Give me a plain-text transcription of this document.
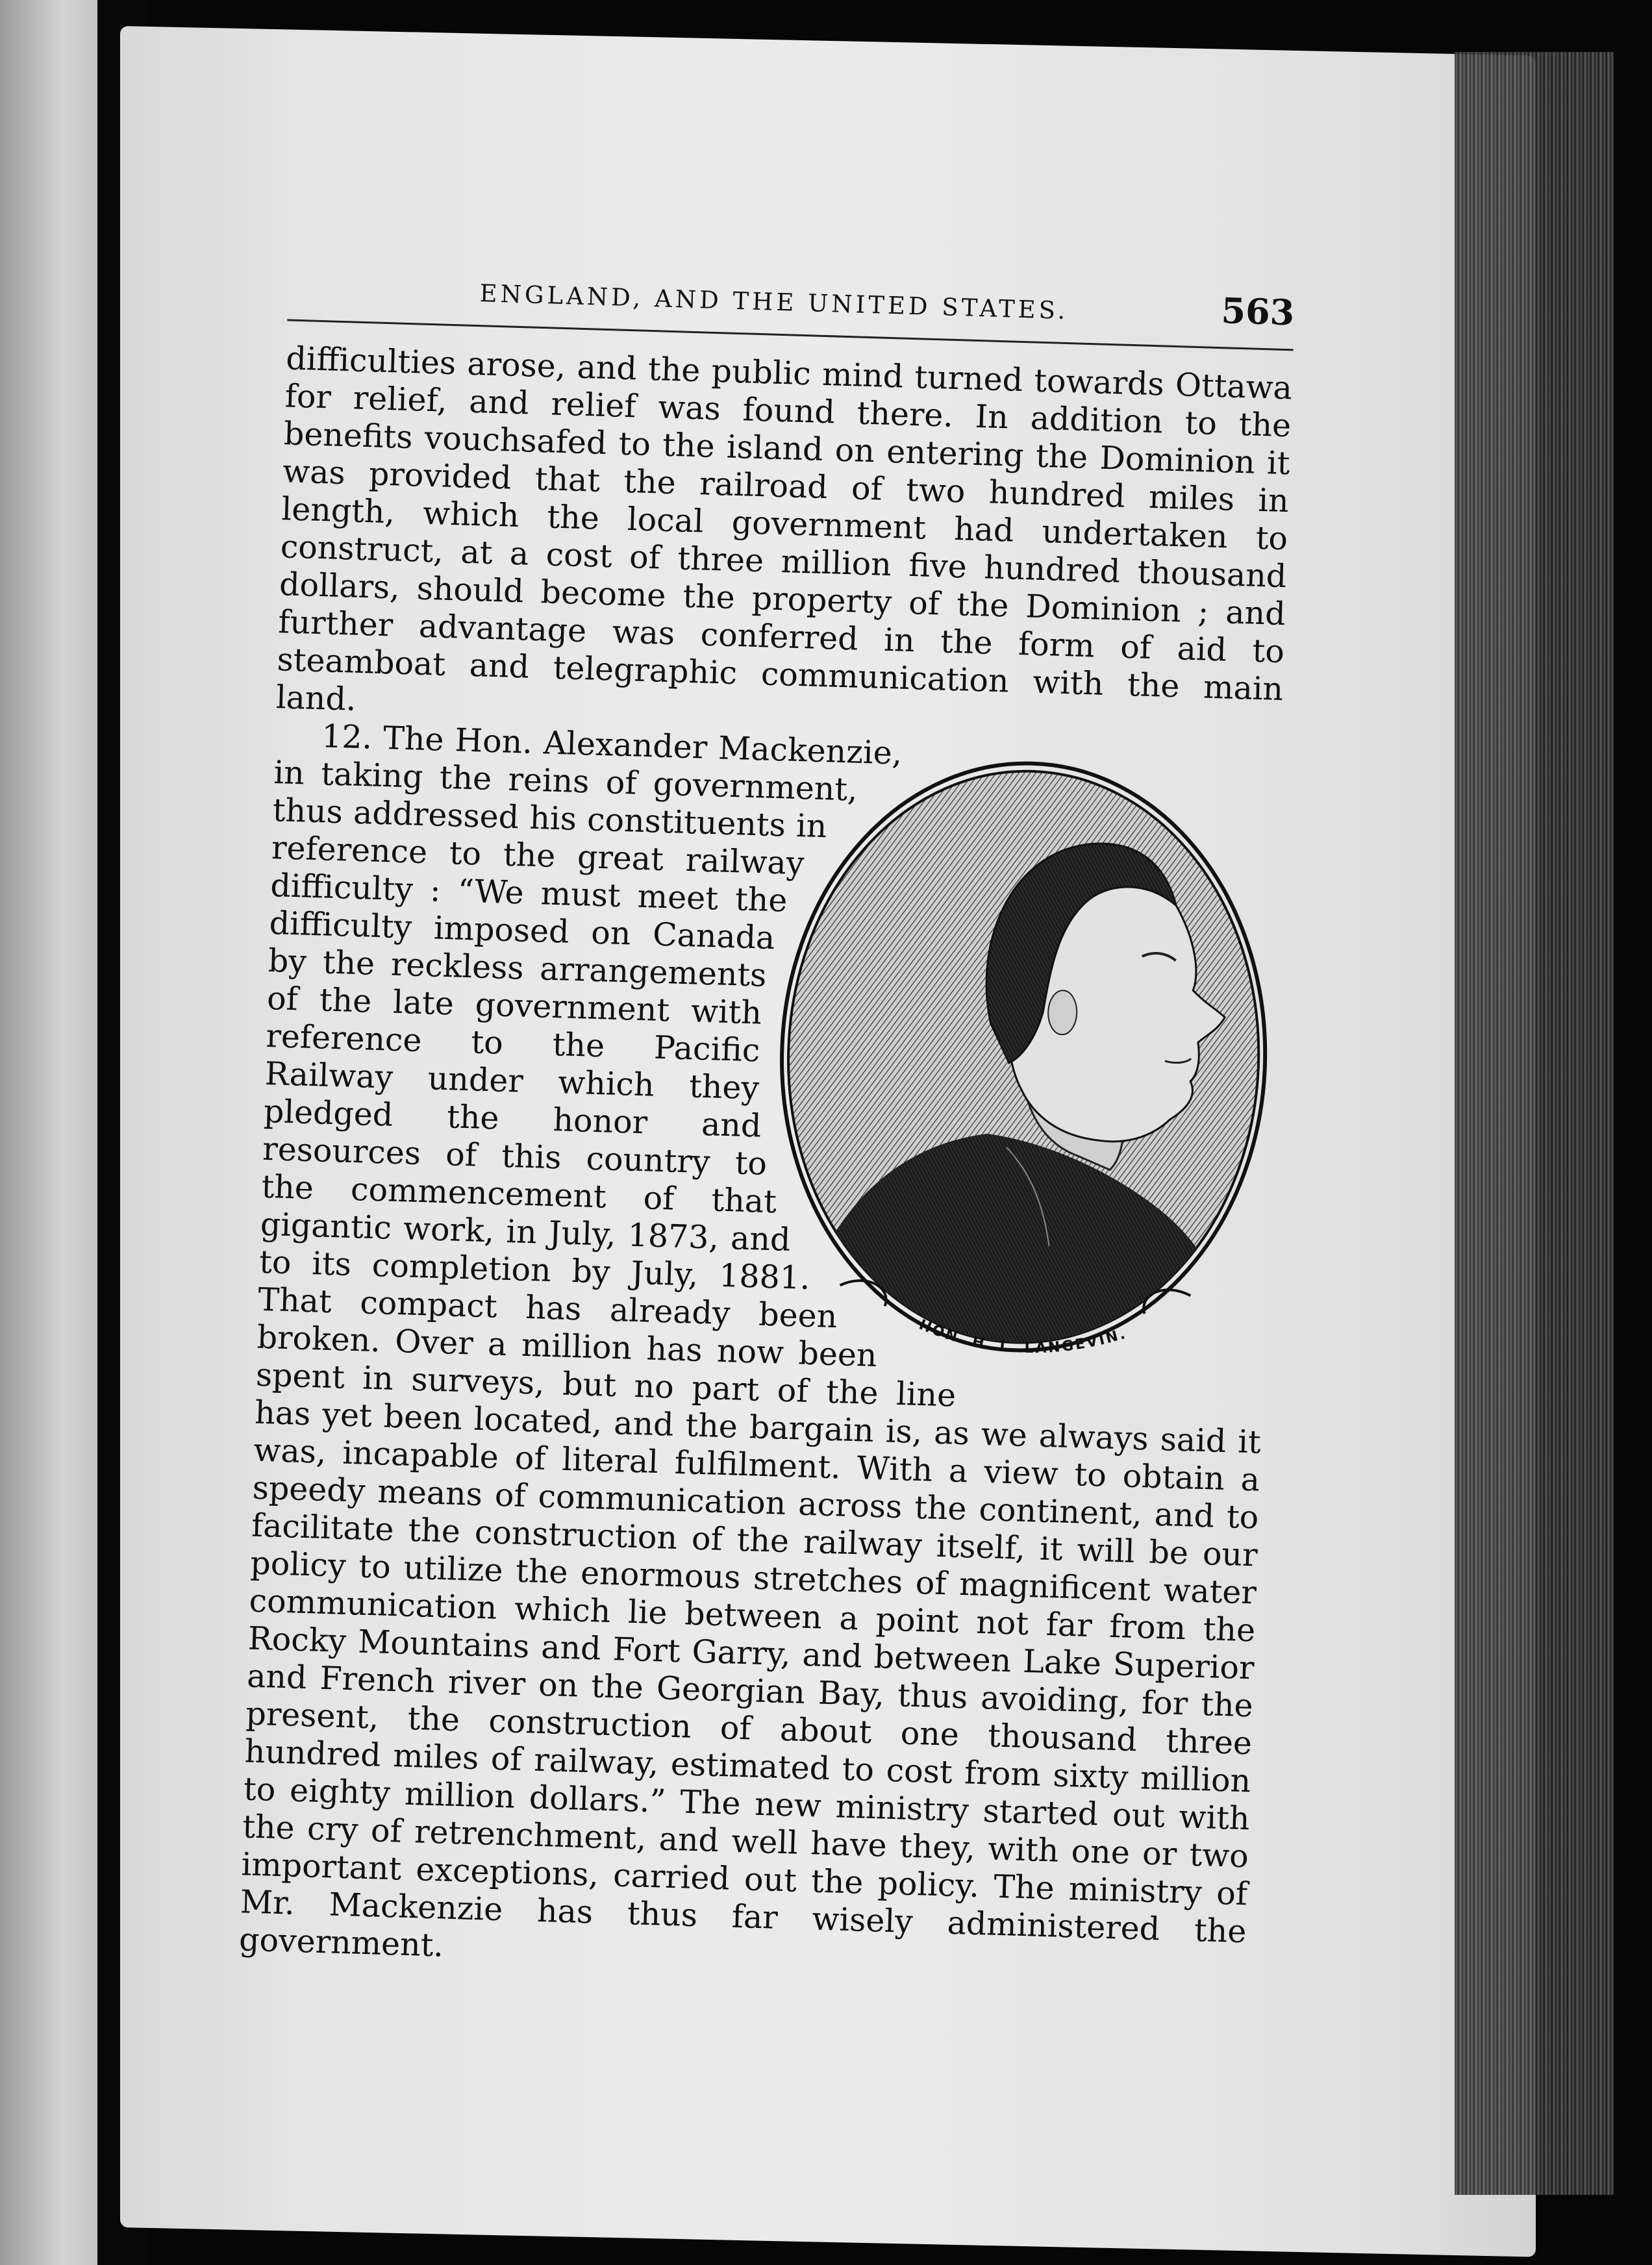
ENGLAND, AND THE UNITED STATES.	563

difficulties arose, and the public mind turned towards Ottawa for relief, and relief was found there. In addition to the benefits vouchsafed to the island on entering the Dominion it was provided that the railroad of two hundred miles in length, which the local government had undertaken to construct, at a cost of three million five hundred thousand dollars, should become the property of the Dominion ; and further advantage was conferred in the form of aid to steamboat and telegraphic communication with the main land.

HON. H. L. LANGEVIN.

12. The Hon. Alexander Mackenzie, in taking the reins of government, thus addressed his constituents in reference to the great railway difficulty : “We must meet the difficulty imposed on Canada by the reckless arrangements of the late government with reference to the Pacific Railway under which they pledged the honor and resources of this country to the commencement of that gigantic work, in July, 1873, and to its completion by July, 1881. That compact has already been broken. Over a million has now been spent in surveys, but no part of the line has yet been located, and the bargain is, as we always said it was, incapable of literal fulfilment. With a view to obtain a speedy means of communication across the continent, and to facilitate the construction of the railway itself, it will be our policy to utilize the enormous stretches of magnificent water communication which lie between a point not far from the Rocky Mountains and Fort Garry, and between Lake Superior and French river on the Georgian Bay, thus avoiding, for the present, the construction of about one thousand three hundred miles of railway, estimated to cost from sixty million to eighty million dollars.” The new ministry started out with the cry of retrenchment, and well have they, with one or two important exceptions, carried out the policy. The ministry of Mr. Mackenzie has thus far wisely administered the government.
